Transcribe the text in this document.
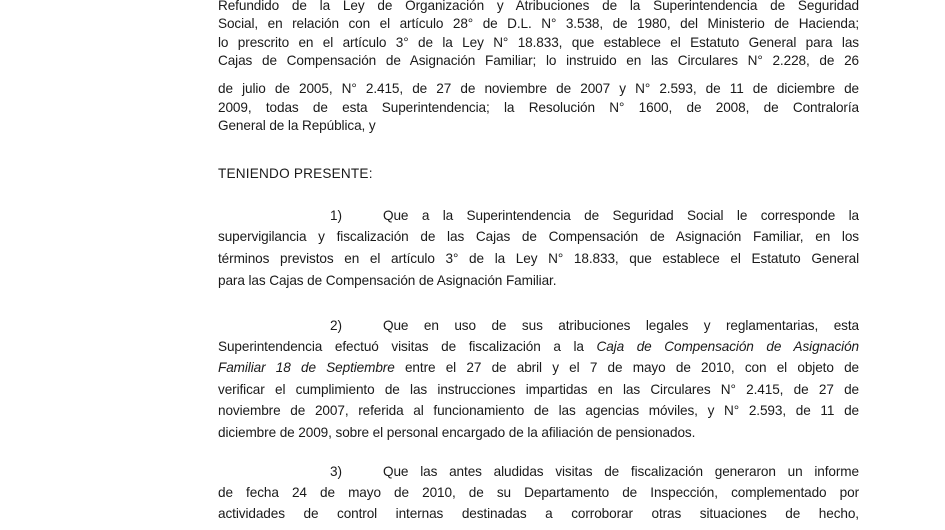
Refundido de la Ley de Organización y Atribuciones de la Superintendencia de Seguridad
Social, en relación con el artículo 28° de D.L. N° 3.538, de 1980, del Ministerio de Hacienda;
lo prescrito en el artículo 3° de la Ley N° 18.833, que establece el Estatuto General para las
Cajas de Compensación de Asignación Familiar; lo instruido en las Circulares N° 2.228, de 26
de julio de 2005, N° 2.415, de 27 de noviembre de 2007 y N° 2.593, de 11 de diciembre de
2009, todas de esta Superintendencia; la Resolución N° 1600, de 2008, de Contraloría
General de la República, y
TENIENDO PRESENTE:
1)	Que a la Superintendencia de Seguridad Social le corresponde la
supervigilancia y fiscalización de las Cajas de Compensación de Asignación Familiar, en los
términos previstos en el artículo 3° de la Ley N° 18.833, que establece el Estatuto General
para las Cajas de Compensación de Asignación Familiar.
2)	Que en uso de sus atribuciones legales y reglamentarias, esta
Superintendencia efectuó visitas de fiscalización a la Caja de Compensación de Asignación
Familiar 18 de Septiembre entre el 27 de abril y el 7 de mayo de 2010, con el objeto de
verificar el cumplimiento de las instrucciones impartidas en las Circulares N° 2.415, de 27 de
noviembre de 2007, referida al funcionamiento de las agencias móviles, y N° 2.593, de 11 de
diciembre de 2009, sobre el personal encargado de la afiliación de pensionados.
3)	Que las antes aludidas visitas de fiscalización generaron un informe
de fecha 24 de mayo de 2010, de su Departamento de Inspección, complementado por
actividades de control internas destinadas a corroborar otras situaciones de hecho,
